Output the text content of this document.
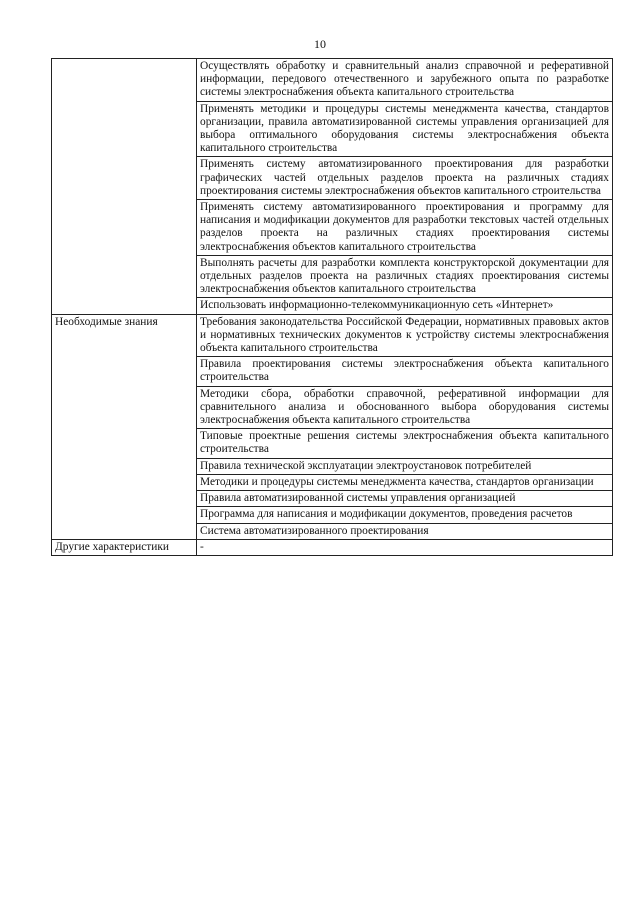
10

	Осуществлять обработку и сравнительный анализ справочной и реферативной информации, передового отечественного и зарубежного опыта по разработке системы электроснабжения объекта капитального строительства

	Применять методики и процедуры системы менеджмента качества, стандартов организации, правила автоматизированной системы управления организацией для выбора оптимального оборудования системы электроснабжения объекта капитального строительства

	Применять систему автоматизированного проектирования для разработки графических частей отдельных разделов проекта на различных стадиях проектирования системы электроснабжения объектов капитального строительства

	Применять систему автоматизированного проектирования и программу для написания и модификации документов для разработки текстовых частей отдельных разделов проекта на различных стадиях проектирования системы электроснабжения объектов капитального строительства

	Выполнять расчеты для разработки комплекта конструкторской документации для отдельных разделов проекта на различных стадиях проектирования системы электроснабжения объектов капитального строительства

	Использовать информационно-телекоммуникационную сеть «Интернет»

Необходимые знания	Требования законодательства Российской Федерации, нормативных правовых актов и нормативных технических документов к устройству системы электроснабжения объекта капитального строительства

	Правила проектирования системы электроснабжения объекта капитального строительства

	Методики сбора, обработки справочной, реферативной информации для сравнительного анализа и обоснованного выбора оборудования системы электроснабжения объекта капитального строительства

	Типовые проектные решения системы электроснабжения объекта капитального строительства

	Правила технической эксплуатации электроустановок потребителей

	Методики и процедуры системы менеджмента качества, стандартов организации

	Правила автоматизированной системы управления организацией

	Программа для написания и модификации документов, проведения расчетов

	Система автоматизированного проектирования

Другие характеристики	-
